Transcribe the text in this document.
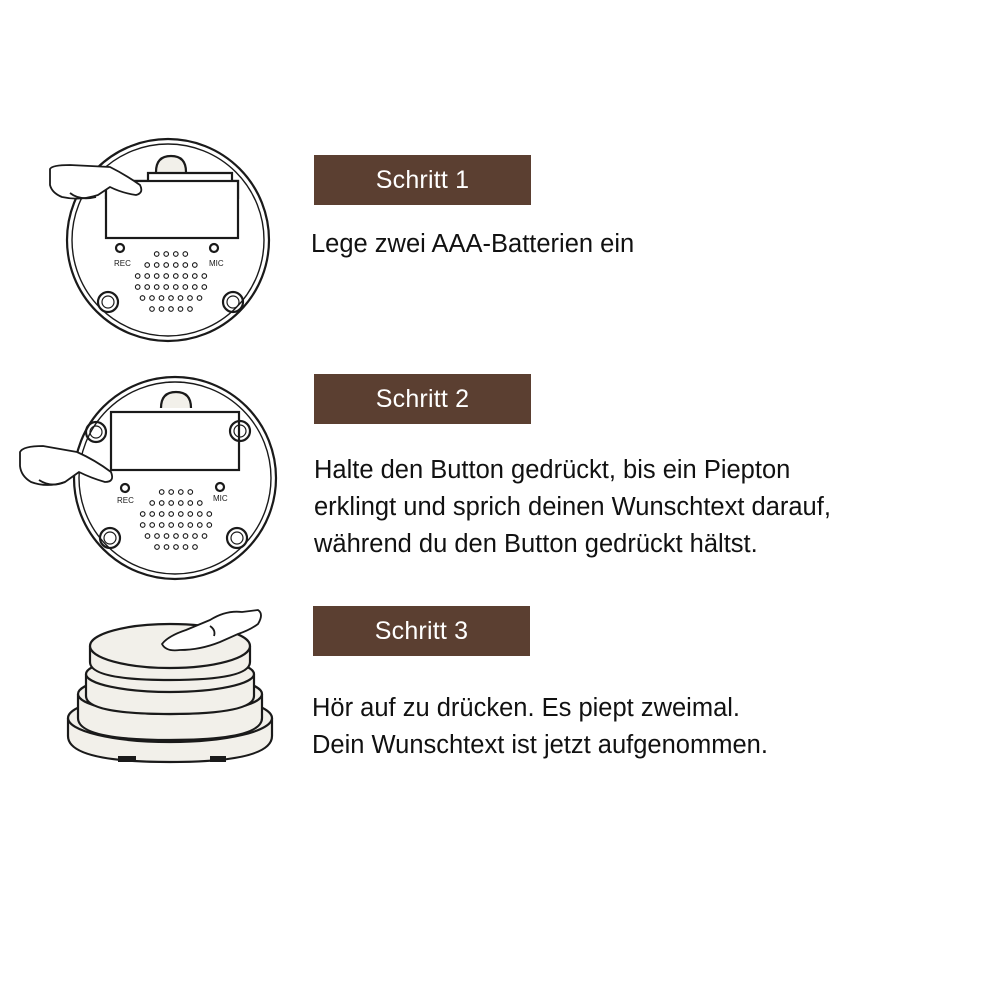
REC	MIC
Schritt 1

Lege zwei AAA-Batterien ein

REC	MIC
Schritt 2

Halte den Button gedrückt, bis ein Piepton
erklingt und sprich deinen Wunschtext darauf,
während du den Button gedrückt hältst.

Schritt 3

Hör auf zu drücken. Es piept zweimal.
Dein Wunschtext ist jetzt aufgenommen.
